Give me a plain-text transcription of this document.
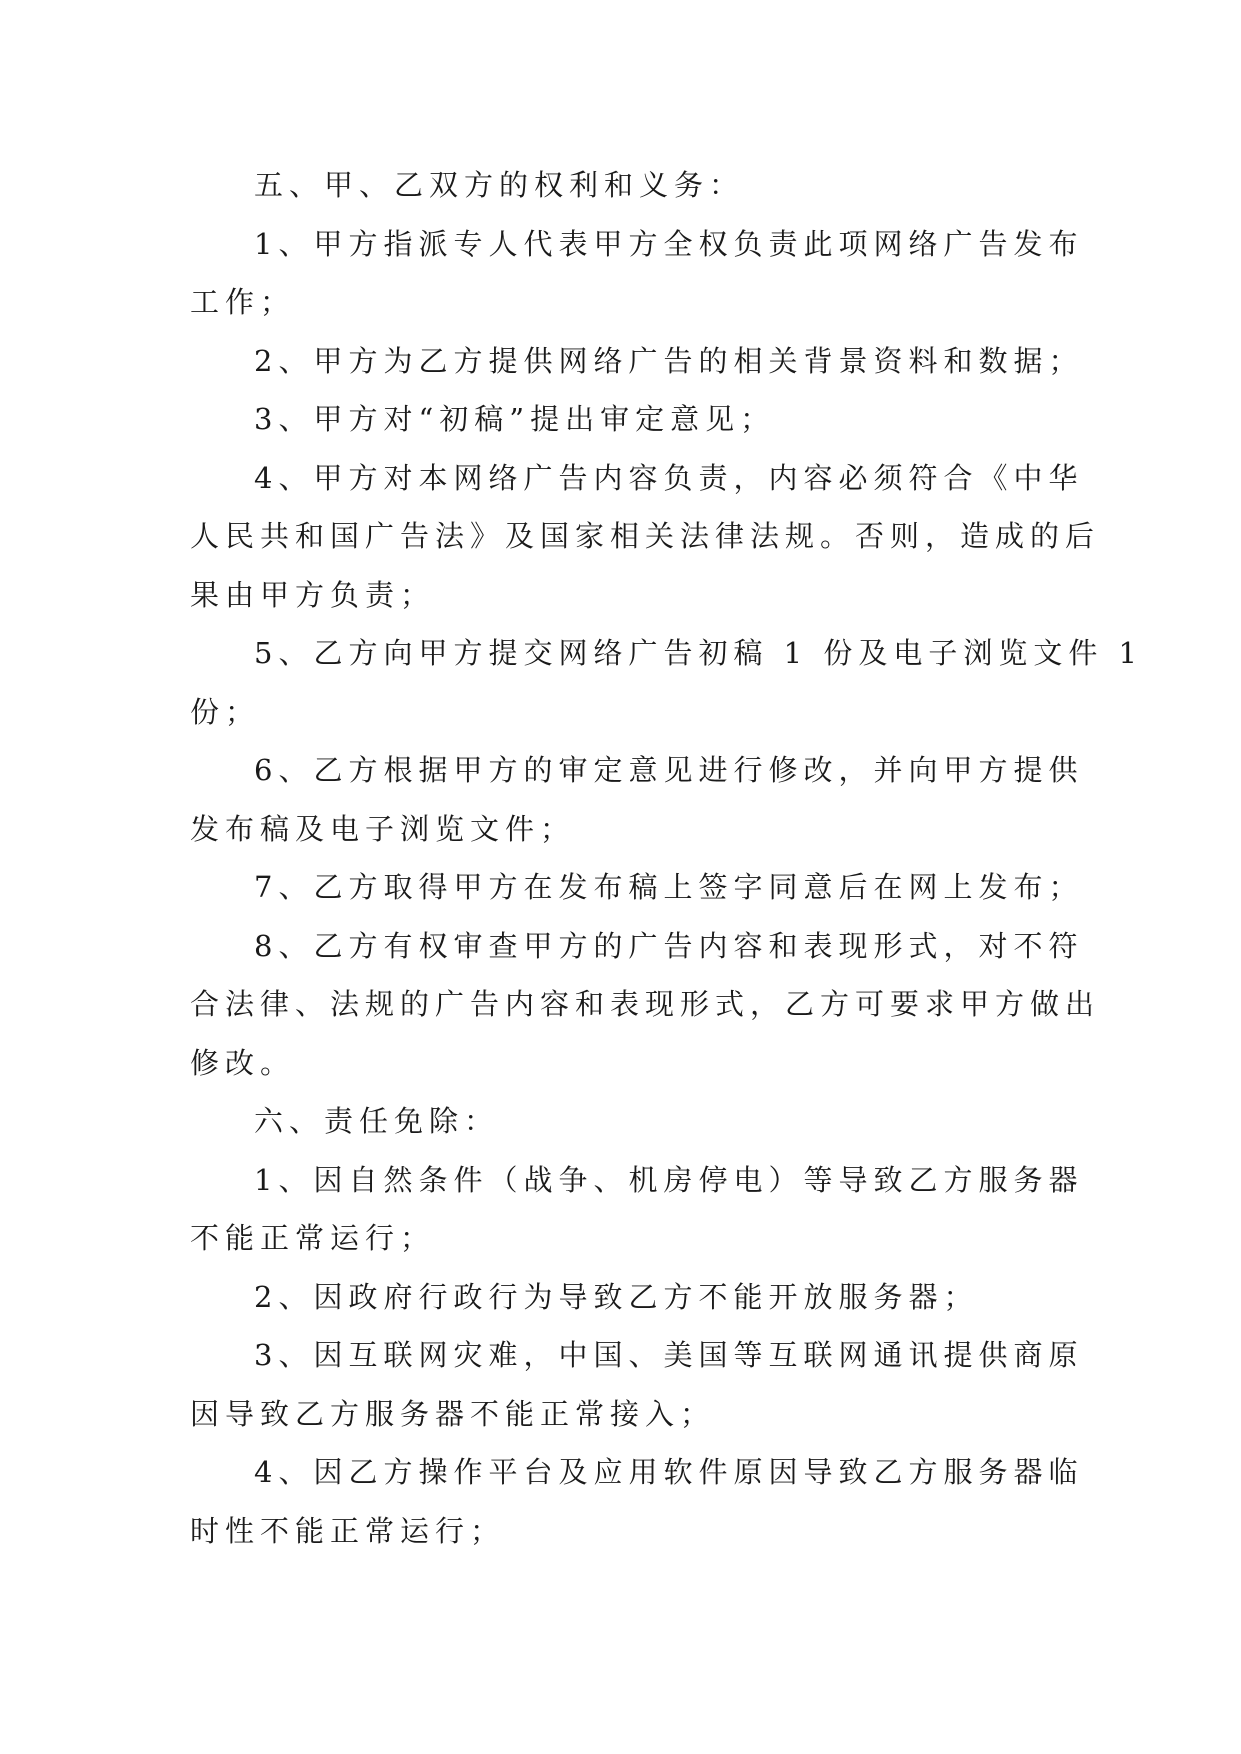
五、甲、乙双方的权利和义务：
1、甲方指派专人代表甲方全权负责此项网络广告发布
工作；
2、甲方为乙方提供网络广告的相关背景资料和数据；
3、甲方对“初稿”提出审定意见；
4、甲方对本网络广告内容负责，内容必须符合《中华
人民共和国广告法》及国家相关法律法规。否则，造成的后
果由甲方负责；
5、乙方向甲方提交网络广告初稿 1 份及电子浏览文件 1
份；
6、乙方根据甲方的审定意见进行修改，并向甲方提供
发布稿及电子浏览文件；
7、乙方取得甲方在发布稿上签字同意后在网上发布；
8、乙方有权审查甲方的广告内容和表现形式，对不符
合法律、法规的广告内容和表现形式，乙方可要求甲方做出
修改。
六、责任免除：
1、因自然条件（战争、机房停电）等导致乙方服务器
不能正常运行；
2、因政府行政行为导致乙方不能开放服务器；
3、因互联网灾难，中国、美国等互联网通讯提供商原
因导致乙方服务器不能正常接入；
4、因乙方操作平台及应用软件原因导致乙方服务器临
时性不能正常运行；
